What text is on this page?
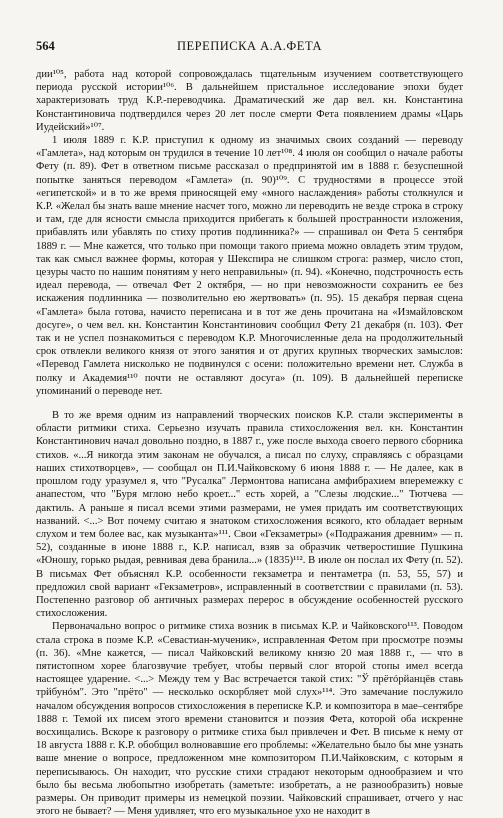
564	ПЕРЕПИСКА А.А.ФЕТА

дии¹⁰⁵, работа над которой сопровождалась тщательным изучением соответствующего периода русской истории¹⁰⁶. В дальнейшем пристальное исследование эпохи будет характеризовать труд К.Р.-переводчика. Драматический же дар вел. кн. Константина Константиновича подтвердился через 20 лет после смерти Фета появлением драмы «Царь Иудейский»¹⁰⁷.

1 июля 1889 г. К.Р. приступил к одному из значимых своих созданий — переводу «Гамлета», над которым он трудился в течение 10 лет¹⁰⁸. 4 июля он сообщил о начале работы Фету (п. 89). Фет в ответном письме рассказал о предпринятой им в 1888 г. безуспешной попытке заняться переводом «Гамлета» (п. 90)¹⁰⁹. С трудностями в процессе этой «египетской» и в то же время приносящей ему «много наслаждения» работы столкнулся и К.Р. «Желал бы знать ваше мнение насчет того, можно ли переводить не везде строка в строку и там, где для ясности смысла приходится прибегать к большей пространности изложения, прибавлять или убавлять по стиху против подлинника?» — спрашивал он Фета 5 сентября 1889 г. — Мне кажется, что только при помощи такого приема можно овладеть этим трудом, так как смысл важнее формы, которая у Шекспира не слишком строга: размер, число стоп, цезуры часто по нашим понятиям у него неправильны» (п. 94). «Конечно, подстрочность есть идеал перевода, — отвечал Фет 2 октября, — но при невозможности сохранить ее без искажения подлинника — позволительно ею жертвовать» (п. 95). 15 декабря первая сцена «Гамлета» была готова, начисто переписана и в тот же день прочитана на «Измайловском досуге», о чем вел. кн. Константин Константинович сообщил Фету 21 декабря (п. 103). Фет так и не успел познакомиться с переводом К.Р. Многочисленные дела на продолжительный срок отвлекли великого князя от этого занятия и от других крупных творческих замыслов: «Перевод Гамлета нисколько не подвинулся с осени: положительно времени нет. Служба в полку и Академия¹¹⁰ почти не оставляют досуга» (п. 109). В дальнейшей переписке упоминаний о переводе нет.

В то же время одним из направлений творческих поисков К.Р. стали эксперименты в области ритмики стиха. Серьезно изучать правила стихосложения вел. кн. Константин Константинович начал довольно поздно, в 1887 г., уже после выхода своего первого сборника стихов. «...Я никогда этим законам не обучался, а писал по слуху, справляясь с образцами наших стихотворцев», — сообщал он П.И.Чайковскому 6 июня 1888 г. — Не далее, как в прошлом году уразумел я, что "Русалка" Лермонтова написана амфибрахием вперемежку с анапестом, что "Буря мглою небо кроет..." есть хорей, а "Слезы людские..." Тютчева — дактиль. А раньше я писал всеми этими размерами, не умея придать им соответствующих названий. <...> Вот почему считаю я знатоком стихосложения всякого, кто обладает верным слухом и тем более вас, как музыканта»¹¹¹. Свои «Гекзаметры» («Подражания древним» — п. 52), созданные в июне 1888 г., К.Р. написал, взяв за образчик четверостишие Пушкина «Юношу, горько рыдая, ревнивая дева бранила...» (1835)¹¹². В июле он послал их Фету (п. 52). В письмах Фет объяснял К.Р. особенности гекзаметра и пентаметра (п. 53, 55, 57) и предложил свой вариант «Гекзаметров», исправленный в соответствии с правилами (п. 53). Постепенно разговор об античных размерах перерос в обсуждение особенностей русского стихосложения.

Первоначально вопрос о ритмике стиха возник в письмах К.Р. и Чайковского¹¹³. Поводом стала строка в поэме К.Р. «Севастиан-мученик», исправленная Фетом при просмотре поэмы (п. 36). «Мне кажется, — писал Чайковский великому князю 20 мая 1888 г., — что в пятистопном хорее благозвучие требует, чтобы первый слог второй стопы имел всегда настоящее ударение. <...> Между тем у Вас встречается такой стих: "Ў прётóрйанцёв ставь трйбунóм". Это "прёто" — несколько оскорбляет мой слух»¹¹⁴. Это замечание послужило началом обсуждения вопросов стихосложения в переписке К.Р. и композитора в мае–сентябре 1888 г. Темой их писем этого времени становится и поэзия Фета, которой оба искренне восхищались. Вскоре к разговору о ритмике стиха был привлечен и Фет. В письме к нему от 18 августа 1888 г. К.Р. обобщил волновавшие его проблемы: «Желательно было бы мне узнать ваше мнение о вопросе, предложенном мне композитором П.И.Чайковским, с которым я переписываюсь. Он находит, что русские стихи страдают некоторым однообразием и что было бы весьма любопытно изобретать (заметьте: изобретать, а не разнообразить) новые размеры. Он приводит примеры из немецкой поэзии. Чайковский спрашивает, отчего у нас этого не бывает? — Меня удивляет, что его музыкальное ухо не находит в
